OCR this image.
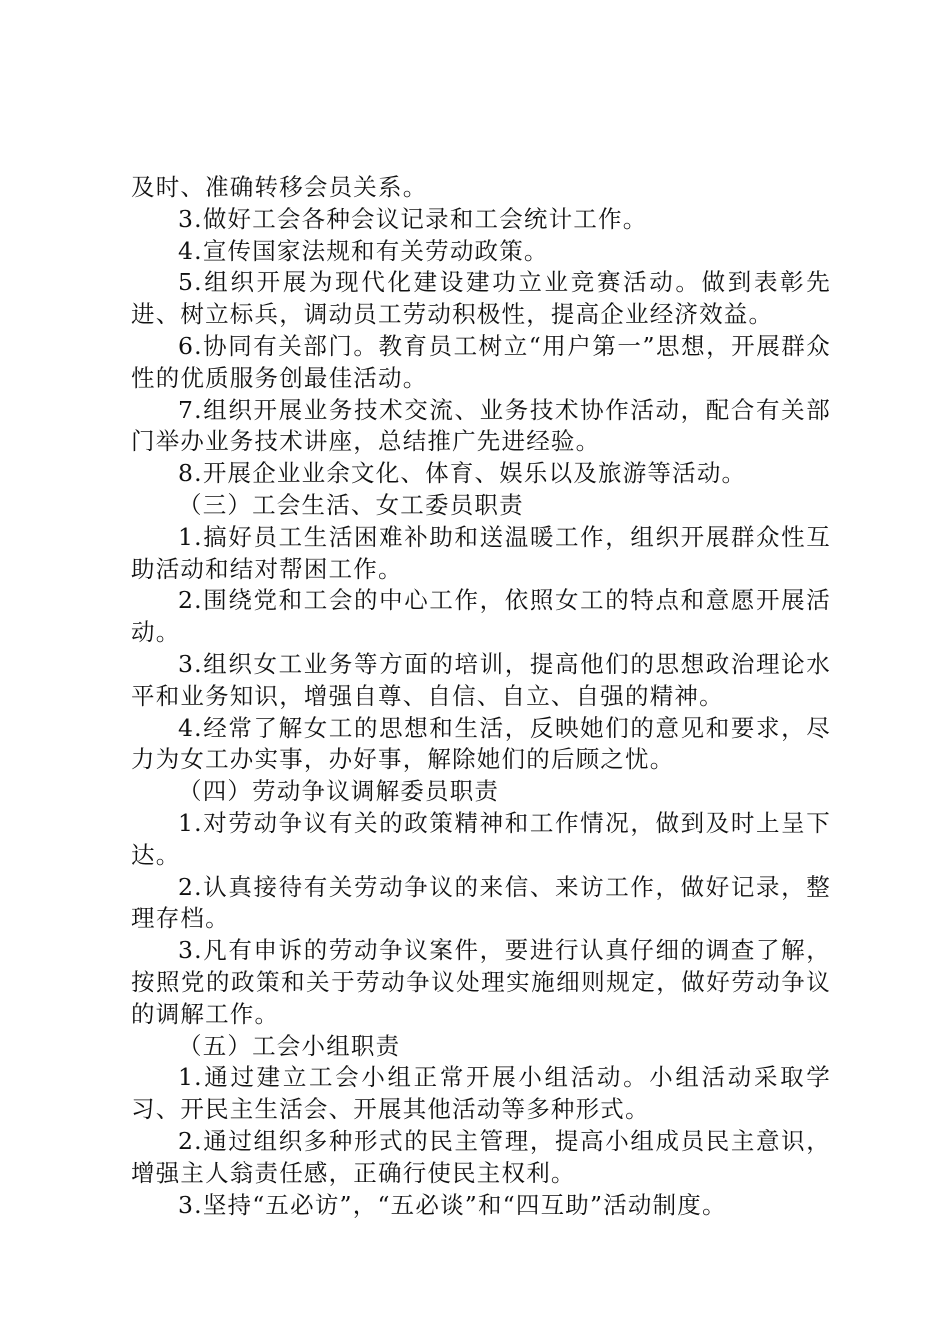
及时、准确转移会员关系。

3.做好工会各种会议记录和工会统计工作。

4.宣传国家法规和有关劳动政策。

5.组织开展为现代化建设建功立业竞赛活动。做到表彰先进、树立标兵，调动员工劳动积极性，提高企业经济效益。

6.协同有关部门。教育员工树立“用户第一”思想，开展群众性的优质服务创最佳活动。

7.组织开展业务技术交流、业务技术协作活动，配合有关部门举办业务技术讲座，总结推广先进经验。

8.开展企业业余文化、体育、娱乐以及旅游等活动。

（三）工会生活、女工委员职责

1.搞好员工生活困难补助和送温暖工作，组织开展群众性互助活动和结对帮困工作。

2.围绕党和工会的中心工作，依照女工的特点和意愿开展活动。

3.组织女工业务等方面的培训，提高他们的思想政治理论水平和业务知识，增强自尊、自信、自立、自强的精神。

4.经常了解女工的思想和生活，反映她们的意见和要求，尽力为女工办实事，办好事，解除她们的后顾之忧。

（四）劳动争议调解委员职责

1.对劳动争议有关的政策精神和工作情况，做到及时上呈下达。

2.认真接待有关劳动争议的来信、来访工作，做好记录，整理存档。

3.凡有申诉的劳动争议案件，要进行认真仔细的调查了解，按照党的政策和关于劳动争议处理实施细则规定，做好劳动争议的调解工作。

（五）工会小组职责

1.通过建立工会小组正常开展小组活动。小组活动采取学习、开民主生活会、开展其他活动等多种形式。

2.通过组织多种形式的民主管理，提高小组成员民主意识，增强主人翁责任感，正确行使民主权利。

3.坚持“五必访”，“五必谈”和“四互助”活动制度。
